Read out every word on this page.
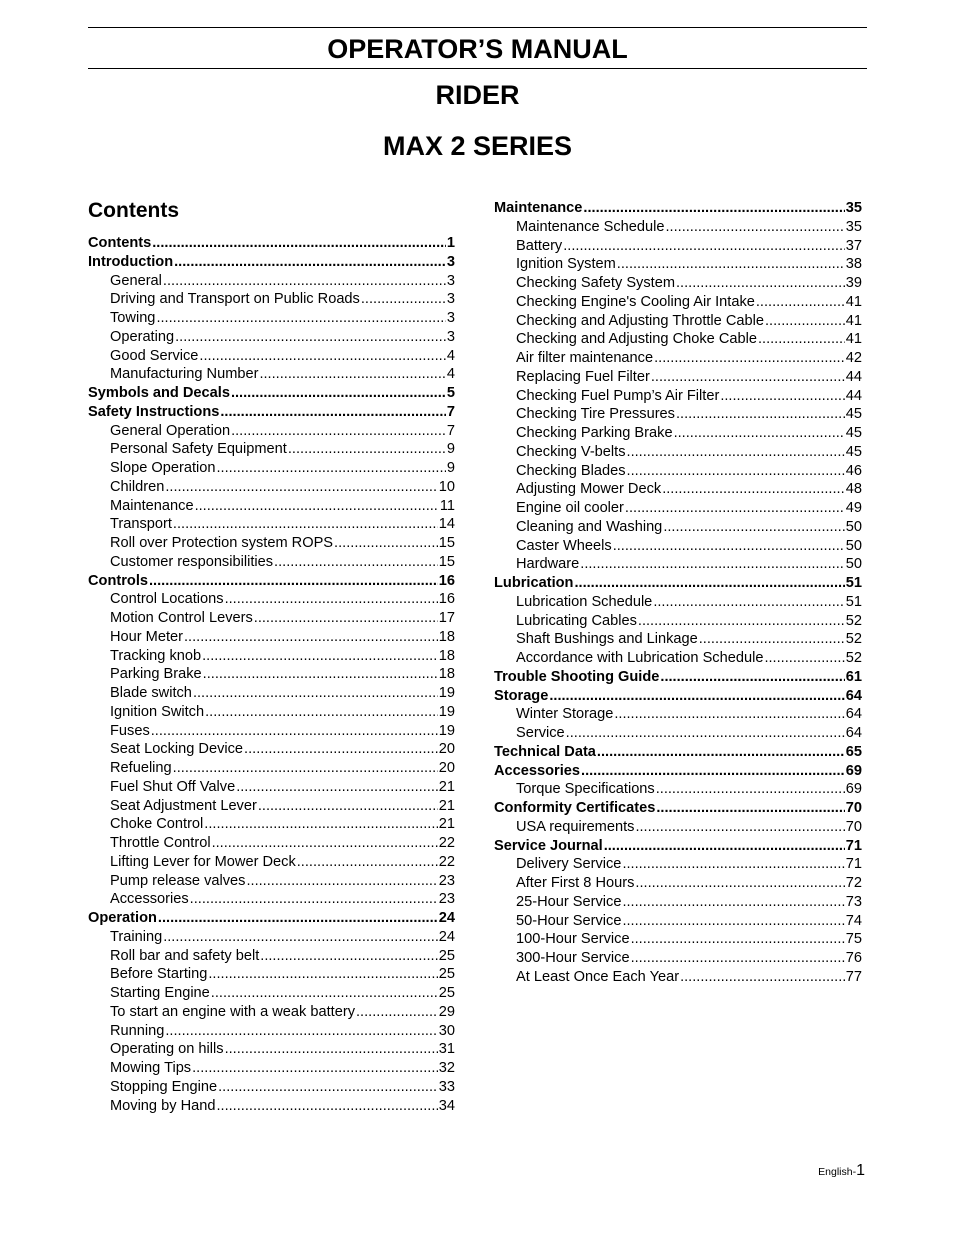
OPERATOR’S MANUAL
RIDER
MAX 2 SERIES
Contents
Contents .....	1
Introduction .....	3
General .....	3
Driving and Transport on Public Roads .....	3
Towing .....	3
Operating .....	3
Good Service .....	4
Manufacturing Number .....	4
Symbols and Decals .....	5
Safety Instructions .....	7
General Operation .....	7
Personal Safety Equipment .....	9
Slope Operation .....	9
Children .....	10
Maintenance .....	11
Transport .....	14
Roll over Protection system ROPS .....	15
Customer responsibilities .....	15
Controls .....	16
Control Locations .....	16
Motion Control Levers .....	17
Hour Meter .....	18
Tracking knob .....	18
Parking Brake .....	18
Blade switch .....	19
Ignition Switch .....	19
Fuses .....	19
Seat Locking Device .....	20
Refueling .....	20
Fuel Shut Off Valve .....	21
Seat Adjustment Lever .....	21
Choke Control .....	21
Throttle Control .....	22
Lifting Lever for Mower Deck .....	22
Pump release valves .....	23
Accessories .....	23
Operation .....	24
Training .....	24
Roll bar and safety belt .....	25
Before Starting .....	25
Starting Engine .....	25
To start an engine with a weak battery .....	29
Running .....	30
Operating on hills .....	31
Mowing Tips .....	32
Stopping Engine .....	33
Moving by Hand .....	34
Maintenance .....	35
Maintenance Schedule .....	35
Battery .....	37
Ignition System .....	38
Checking Safety System .....	39
Checking Engine's Cooling Air Intake .....	41
Checking and Adjusting Throttle Cable .....	41
Checking and Adjusting Choke Cable .....	41
Air filter maintenance .....	42
Replacing Fuel Filter .....	44
Checking Fuel Pump’s Air Filter .....	44
Checking Tire Pressures .....	45
Checking Parking Brake .....	45
Checking V-belts .....	45
Checking Blades .....	46
Adjusting Mower Deck .....	48
Engine oil cooler .....	49
Cleaning and Washing .....	50
Caster Wheels .....	50
Hardware .....	50
Lubrication .....	51
Lubrication Schedule .....	51
Lubricating Cables .....	52
Shaft Bushings and Linkage .....	52
Accordance with Lubrication Schedule .....	52
Trouble Shooting Guide .....	61
Storage .....	64
Winter Storage .....	64
Service .....	64
Technical Data .....	65
Accessories .....	69
Torque Specifications .....	69
Conformity Certificates .....	70
USA requirements .....	70
Service Journal .....	71
Delivery Service .....	71
After First 8 Hours .....	72
25-Hour Service .....	73
50-Hour Service .....	74
100-Hour Service .....	75
300-Hour Service .....	76
At Least Once Each Year .....	77
English-1
